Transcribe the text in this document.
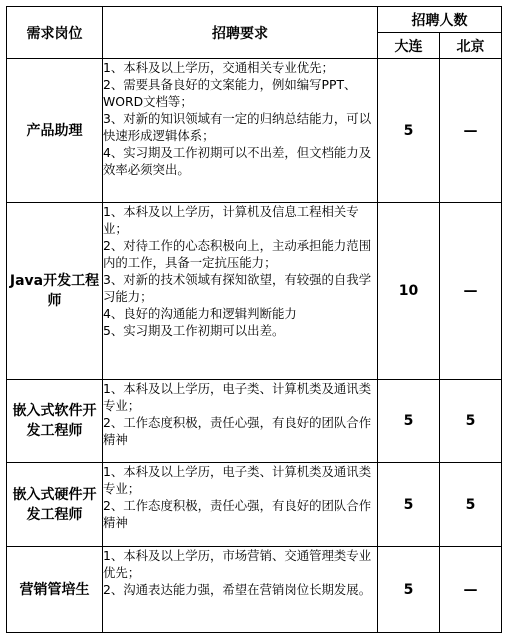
需求岗位	招聘要求	招聘人数	
		大连	北京
产品助理	1、本科及以上学历，交通相关专业优先；
2、需要具备良好的文案能力，例如编写PPT、WORD文档等；
3、对新的知识领域有一定的归纳总结能力，可以快速形成逻辑体系；
4、实习期及工作初期可以不出差，但文档能力及效率必须突出。	5	—
Java开发工程师	1、本科及以上学历，计算机及信息工程相关专业；
2、对待工作的心态积极向上，主动承担能力范围内的工作，具备一定抗压能力；
3、对新的技术领域有探知欲望，有较强的自我学习能力；
4、良好的沟通能力和逻辑判断能力
5、实习期及工作初期可以出差。	10	—
嵌入式软件开发工程师	1、本科及以上学历，电子类、计算机类及通讯类专业；
2、工作态度积极，责任心强，有良好的团队合作精神	5	5
嵌入式硬件开发工程师	1、本科及以上学历，电子类、计算机类及通讯类专业；
2、工作态度积极，责任心强，有良好的团队合作精神	5	5
营销管培生	1、本科及以上学历，市场营销、交通管理类专业优先；
2、沟通表达能力强，希望在营销岗位长期发展。	5	—
